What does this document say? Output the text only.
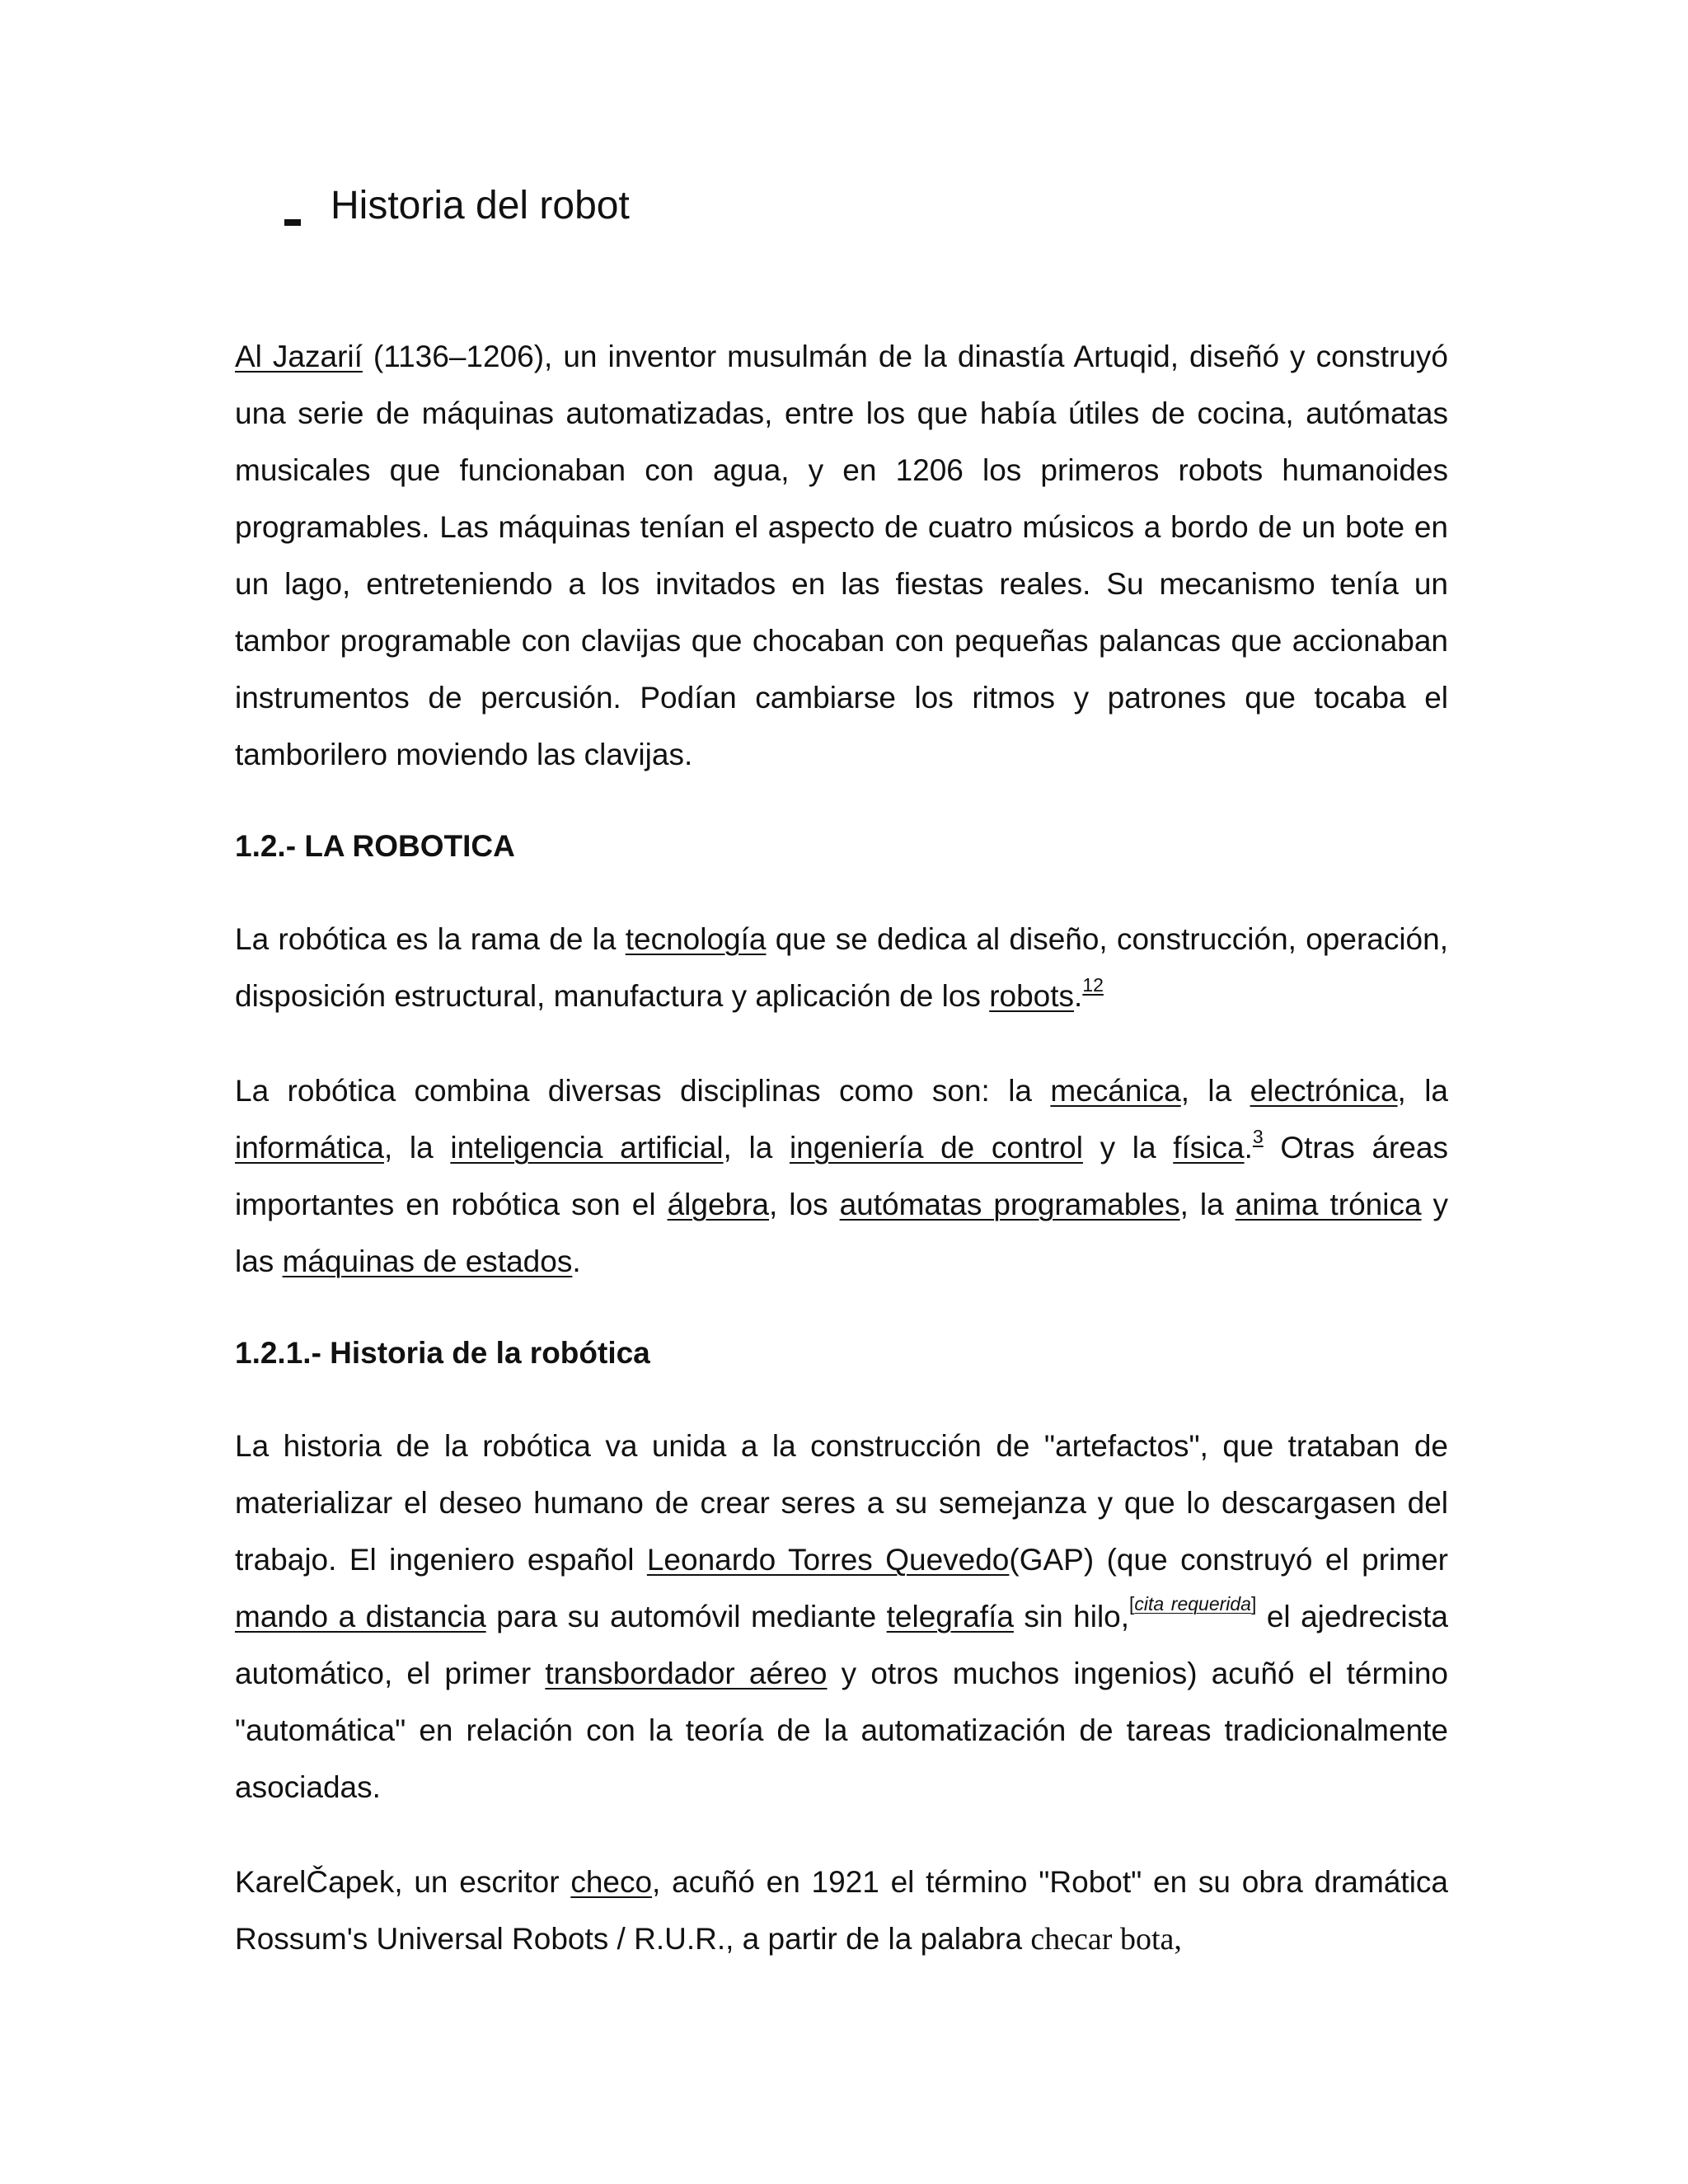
Historia del robot

Al Jazarií (1136–1206), un inventor musulmán de la dinastía Artuqid, diseñó y construyó una serie de máquinas automatizadas, entre los que había útiles de cocina, autómatas musicales que funcionaban con agua, y en 1206 los primeros robots humanoides programables. Las máquinas tenían el aspecto de cuatro músicos a bordo de un bote en un lago, entreteniendo a los invitados en las fiestas reales. Su mecanismo tenía un tambor programable con clavijas que chocaban con pequeñas palancas que accionaban instrumentos de percusión. Podían cambiarse los ritmos y patrones que tocaba el tamborilero moviendo las clavijas.

1.2.- LA ROBOTICA

La robótica es la rama de la tecnología que se dedica al diseño, construcción, operación, disposición estructural, manufactura y aplicación de los robots.$^{12}$

La robótica combina diversas disciplinas como son: la mecánica, la electrónica, la informática, la inteligencia artificial, la ingeniería de control y la física.$^3$ Otras áreas importantes en robótica son el álgebra, los autómatas programables, la anima trónica y las máquinas de estados.

1.2.1.- Historia de la robótica

La historia de la robótica va unida a la construcción de "artefactos", que trataban de materializar el deseo humano de crear seres a su semejanza y que lo descargasen del trabajo. El ingeniero español Leonardo Torres Quevedo(GAP) (que construyó el primer mando a distancia para su automóvil mediante telegrafía sin hilo,[cita requerida] el ajedrecista automático, el primer transbordador aéreo y otros muchos ingenios) acuñó el término "automática" en relación con la teoría de la automatización de tareas tradicionalmente asociadas.

KarelČapek, un escritor checo, acuñó en 1921 el término "Robot" en su obra dramática Rossum's Universal Robots / R.U.R., a partir de la palabra checar bota,
